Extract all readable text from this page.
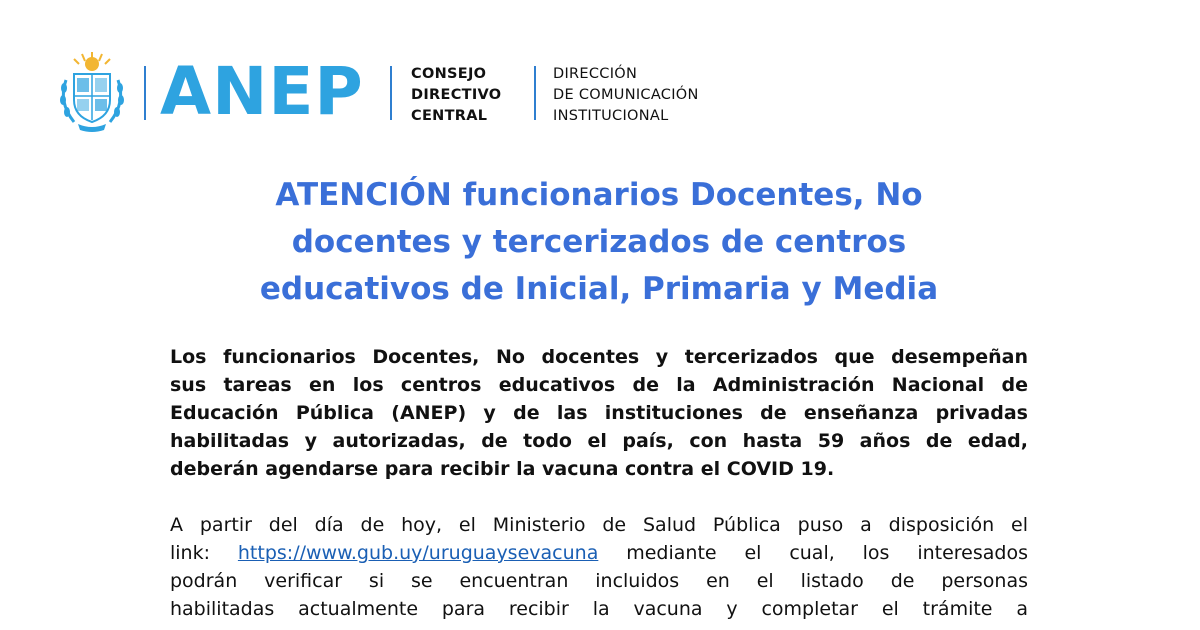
ANEP	CONSEJO
DIRECTIVO
CENTRAL
DIRECCIÓN
DE COMUNICACIÓN
INSTITUCIONAL
ATENCIÓN funcionarios Docentes, No
docentes y tercerizados de centros
educativos de Inicial, Primaria y Media
Los funcionarios Docentes, No docentes y tercerizados que desempeñan
sus tareas en los centros educativos de la Administración Nacional de
Educación Pública (ANEP) y de las instituciones de enseñanza privadas
habilitadas y autorizadas, de todo el país, con hasta 59 años de edad,
deberán agendarse para recibir la vacuna contra el COVID 19.
A partir del día de hoy, el Ministerio de Salud Pública puso a disposición el
link: https://www.gub.uy/uruguaysevacuna mediante el cual, los interesados
podrán verificar si se encuentran incluidos en el listado de personas
habilitadas actualmente para recibir la vacuna y completar el trámite a
